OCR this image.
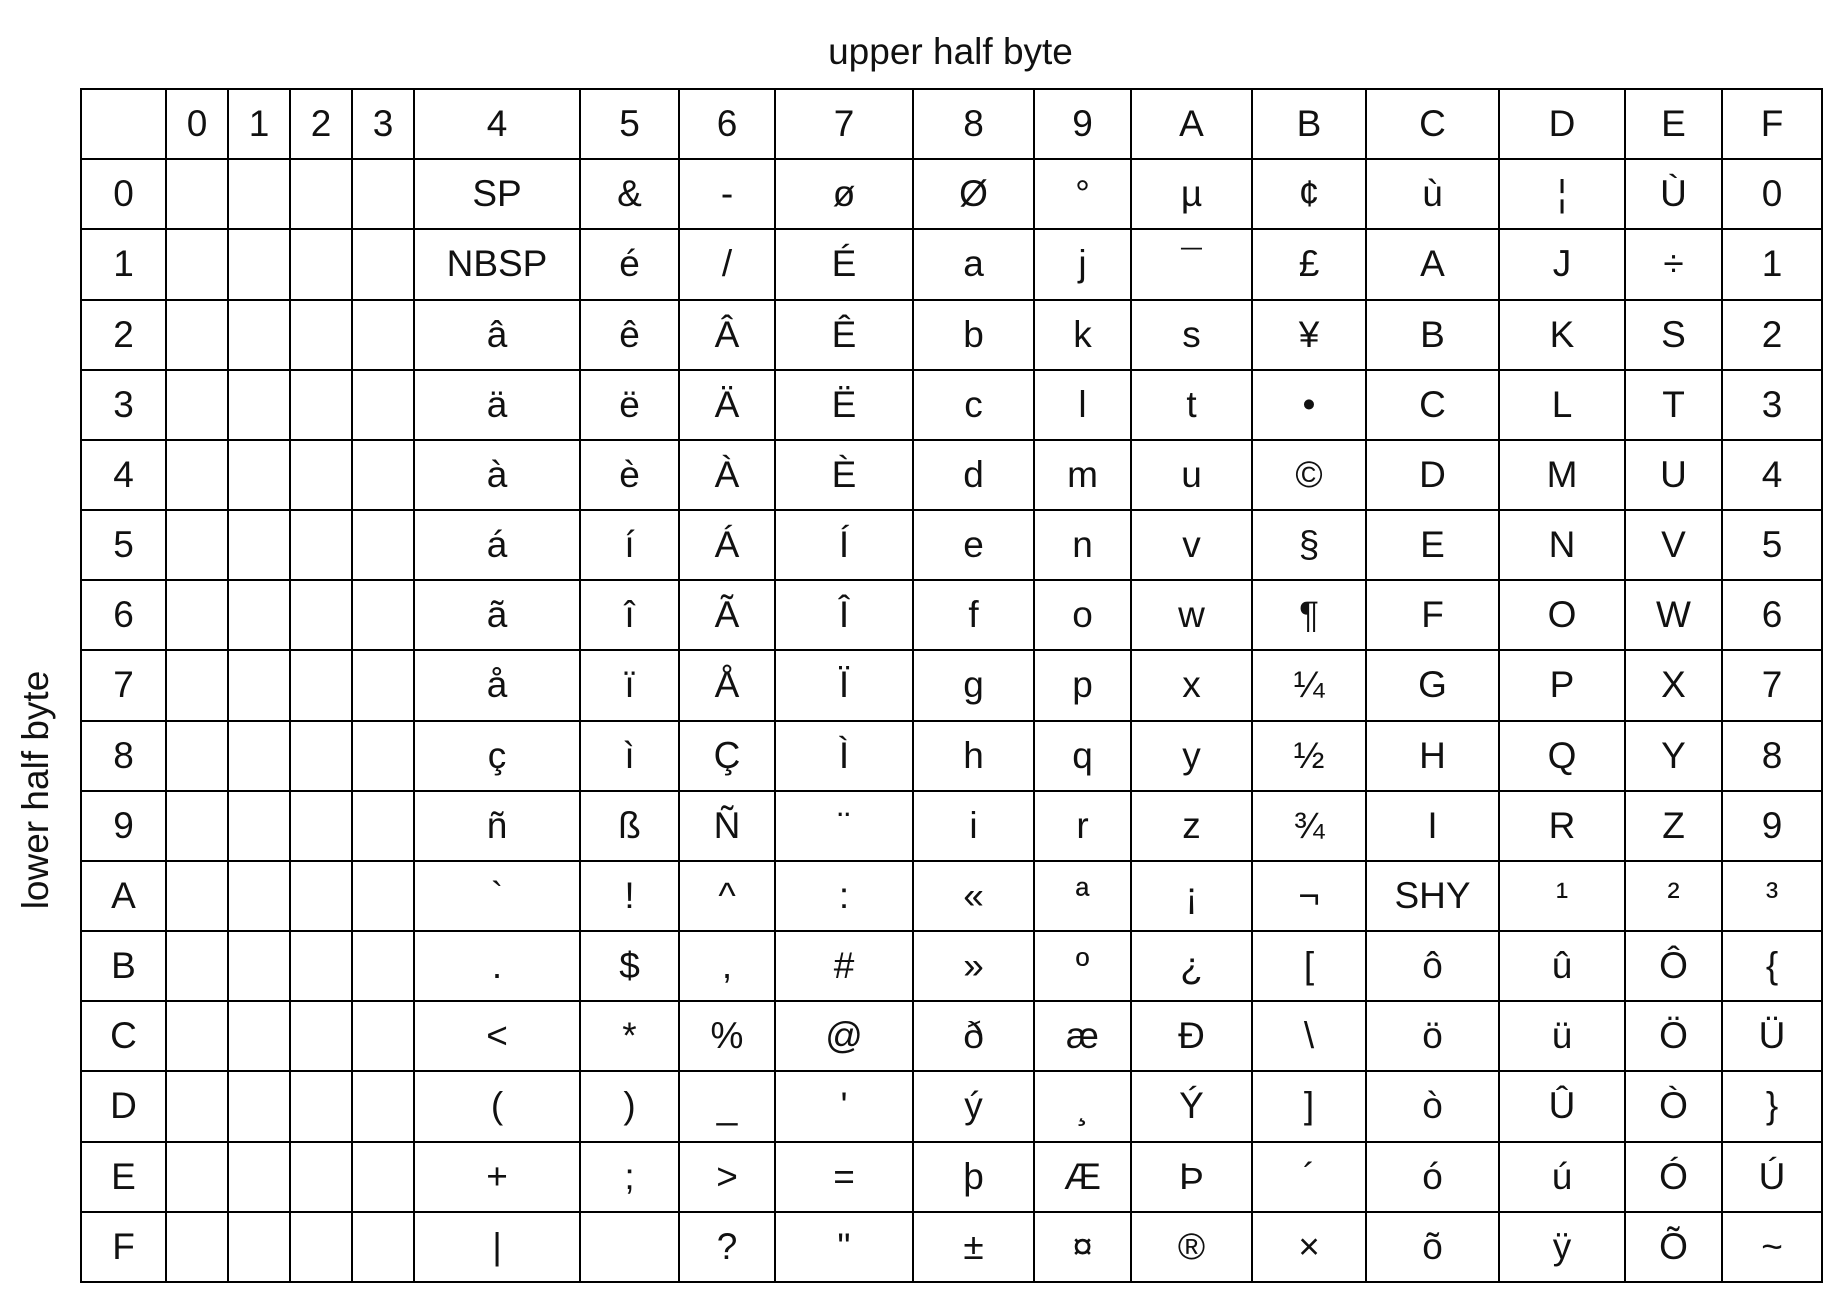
upper half byte
lower half byte
	0	1	2	3	4	5	6	7	8	9	A	B	C	D	E	F
0					SP	&	-	ø	Ø	°	µ	¢	ù	¦	Ù	0
1					NBSP	é	/	É	a	j	¯	£	A	J	÷	1
2					â	ê	Â	Ê	b	k	s	¥	B	K	S	2
3					ä	ë	Ä	Ë	c	l	t	•	C	L	T	3
4					à	è	À	È	d	m	u	©	D	M	U	4
5					á	í	Á	Í	e	n	v	§	E	N	V	5
6					ã	î	Ã	Î	f	o	w	¶	F	O	W	6
7					å	ï	Å	Ï	g	p	x	¼	G	P	X	7
8					ç	ì	Ç	Ì	h	q	y	½	H	Q	Y	8
9					ñ	ß	Ñ	¨	i	r	z	¾	I	R	Z	9
A					`	!	^	:	«	ª	¡	¬	SHY	¹	²	³
B					.	$	,	#	»	º	¿	[	ô	û	Ô	{
C					<	*	%	@	ð	æ	Đ	\	ö	ü	Ö	Ü
D					(	)	_	'	ý	¸	Ý	]	ò	Û	Ò	}
E					+	;	>	=	þ	Æ	Þ	´	ó	ú	Ó	Ú
F					|		?	"	±	¤	®	×	õ	ÿ	Õ	~
